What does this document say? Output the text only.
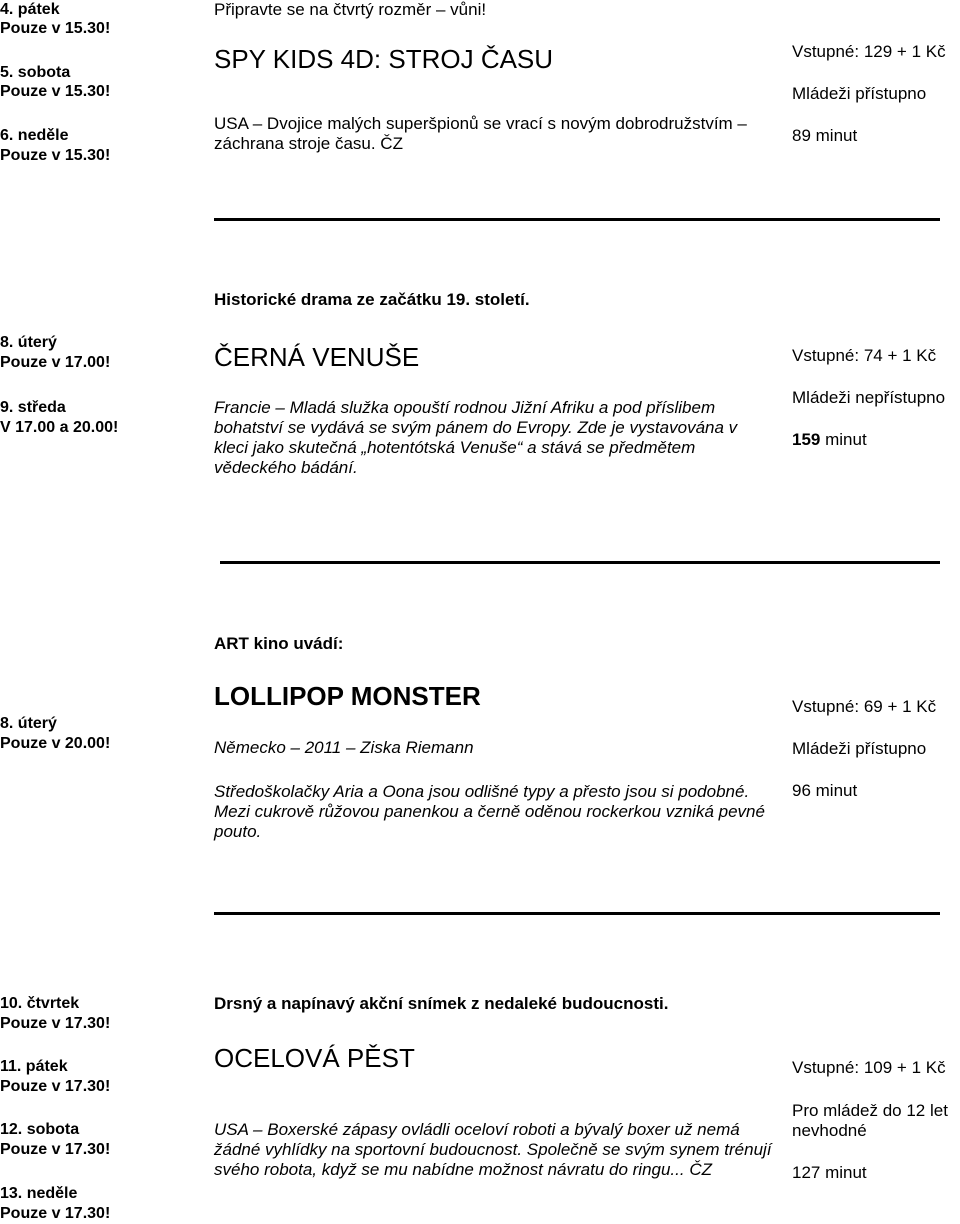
4. pátek
Pouze v 15.30!
5. sobota
Pouze v 15.30!
6. neděle
Pouze v 15.30!
Připravte se na čtvrtý rozměr – vůni!
SPY KIDS 4D: STROJ ČASU
USA – Dvojice malých superšpionů se vrací s novým dobrodružstvím – záchrana stroje času. ČZ
Vstupné: 129 + 1 Kč
Mládeži přístupno
89 minut
Historické drama ze začátku 19. století.
8. úterý
Pouze v 17.00!
9. středa
V 17.00 a 20.00!
ČERNÁ VENUŠE
Francie – Mladá služka opouští rodnou Jižní Afriku a pod příslibem bohatství se vydává se svým pánem do Evropy. Zde je vystavována v kleci jako skutečná „hotentótská Venuše“ a stává se předmětem vědeckého bádání.
Vstupné: 74 + 1 Kč
Mládeži nepřístupno
159 minut
ART kino uvádí:
8. úterý
Pouze v 20.00!
LOLLIPOP MONSTER
Německo – 2011 – Ziska Riemann
Středoškolačky Aria a Oona jsou odlišné typy a přesto jsou si podobné. Mezi cukrově růžovou panenkou a černě oděnou rockerkou vzniká pevné pouto.
Vstupné: 69 + 1 Kč
Mládeži přístupno
96 minut
10. čtvrtek
Pouze v 17.30!
11. pátek
Pouze v 17.30!
12. sobota
Pouze v 17.30!
13. neděle
Pouze v 17.30!
Drsný a napínavý akční snímek z nedaleké budoucnosti.
OCELOVÁ PĚST
USA – Boxerské zápasy ovládli oceloví roboti a bývalý boxer už nemá žádné vyhlídky na sportovní budoucnost. Společně se svým synem trénují svého robota, když se mu nabídne možnost návratu do ringu... ČZ
Vstupné: 109 + 1 Kč
Pro mládež do 12 let nevhodné
127 minut
